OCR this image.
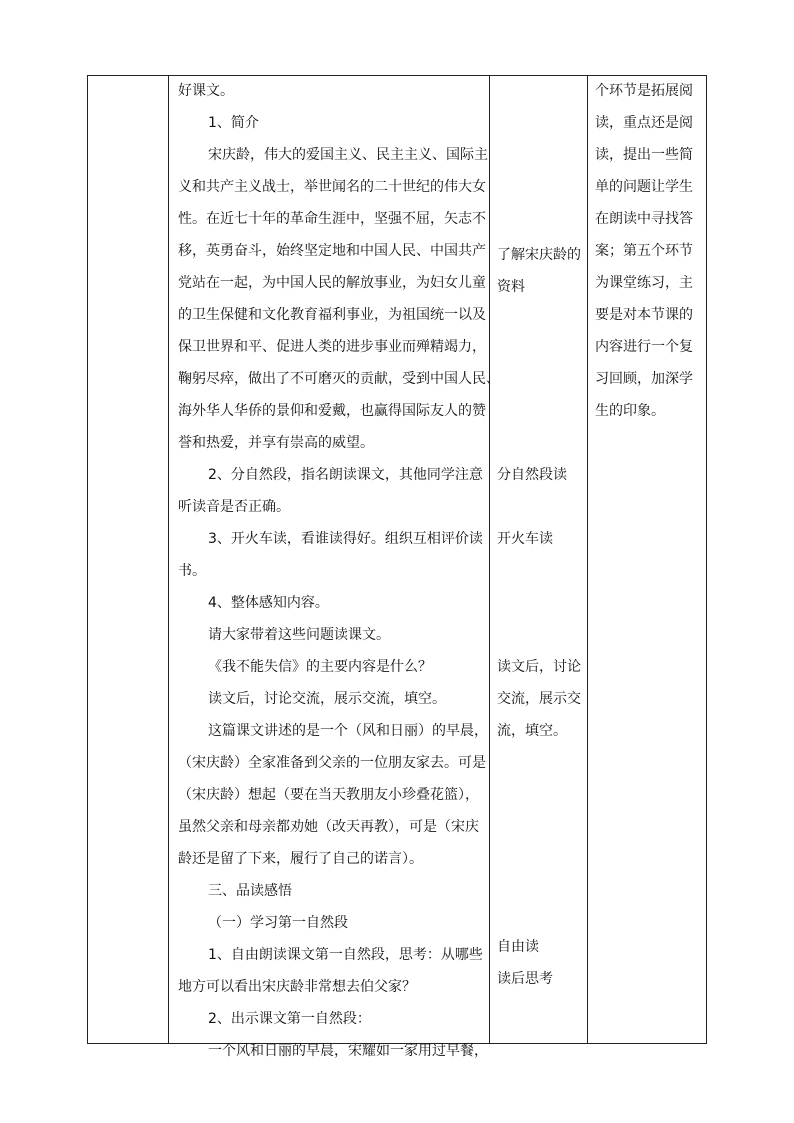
好课文。
1、简介
宋庆龄，伟大的爱国主义、民主主义、国际主
义和共产主义战士，举世闻名的二十世纪的伟大女
性。在近七十年的革命生涯中，坚强不屈，矢志不
移，英勇奋斗，始终坚定地和中国人民、中国共产
党站在一起，为中国人民的解放事业，为妇女儿童
的卫生保健和文化教育福利事业，为祖国统一以及
保卫世界和平、促进人类的进步事业而殚精竭力，
鞠躬尽瘁，做出了不可磨灭的贡献，受到中国人民、
海外华人华侨的景仰和爱戴，也赢得国际友人的赞
誉和热爱，并享有崇高的威望。
2、分自然段，指名朗读课文，其他同学注意
听读音是否正确。
3、开火车读，看谁读得好。组织互相评价读
书。
4、整体感知内容。
请大家带着这些问题读课文。
《我不能失信》的主要内容是什么？
读文后，讨论交流，展示交流，填空。
这篇课文讲述的是一个（风和日丽）的早晨，
（宋庆龄）全家准备到父亲的一位朋友家去。可是
（宋庆龄）想起（要在当天教朋友小珍叠花篮），
虽然父亲和母亲都劝她（改天再教），可是（宋庆
龄还是留了下来，履行了自己的诺言）。
三、品读感悟
（一）学习第一自然段
1、自由朗读课文第一自然段，思考：从哪些
地方可以看出宋庆龄非常想去伯父家？
2、出示课文第一自然段：
一个风和日丽的早晨，宋耀如一家用过早餐，
了解宋庆龄的
资料
分自然段读
开火车读
读文后，讨论
交流，展示交
流，填空。
自由读
读后思考
个环节是拓展阅
读，重点还是阅
读，提出一些简
单的问题让学生
在朗读中寻找答
案；第五个环节
为课堂练习，主
要是对本节课的
内容进行一个复
习回顾，加深学
生的印象。
